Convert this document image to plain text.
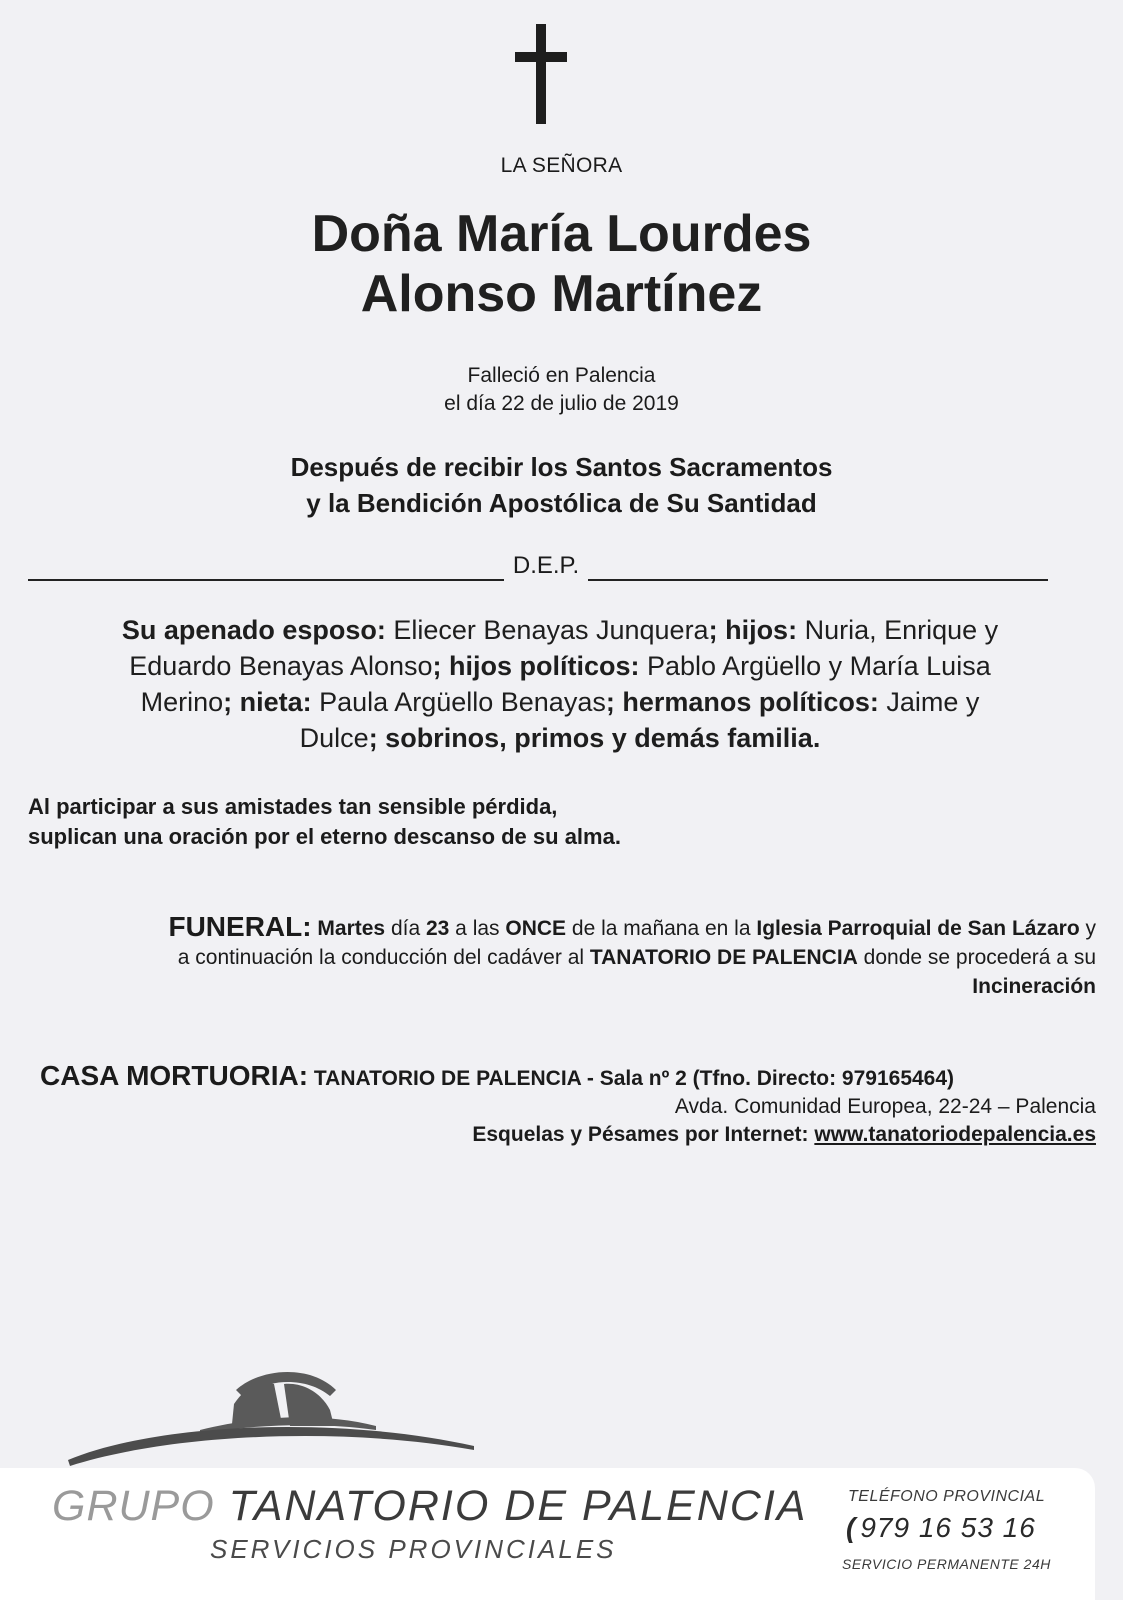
LA SEÑORA
Doña María Lourdes
Alonso Martínez
Falleció en Palencia
el día 22 de julio de 2019
Después de recibir los Santos Sacramentos
y la Bendición Apostólica de Su Santidad
D.E.P.
Su apenado esposo: Eliecer Benayas Junquera; hijos: Nuria, Enrique y
Eduardo Benayas Alonso; hijos políticos: Pablo Argüello y María Luisa
Merino; nieta: Paula Argüello Benayas; hermanos políticos: Jaime y
Dulce; sobrinos, primos y demás familia.
Al participar a sus amistades tan sensible pérdida,
suplican una oración por el eterno descanso de su alma.
FUNERAL: Martes día 23 a las ONCE de la mañana en la Iglesia Parroquial de San Lázaro y
a continuación la conducción del cadáver al TANATORIO DE PALENCIA donde se procederá a su
Incineración
CASA MORTUORIA: TANATORIO DE PALENCIA - Sala nº 2 (Tfno. Directo: 979165464)
Avda. Comunidad Europea, 22-24 – Palencia
Esquelas y Pésames por Internet: www.tanatoriodepalencia.es
GRUPO TANATORIO DE PALENCIA
SERVICIOS PROVINCIALES
TELÉFONO PROVINCIAL
( 979 16 53 16
SERVICIO PERMANENTE 24H
